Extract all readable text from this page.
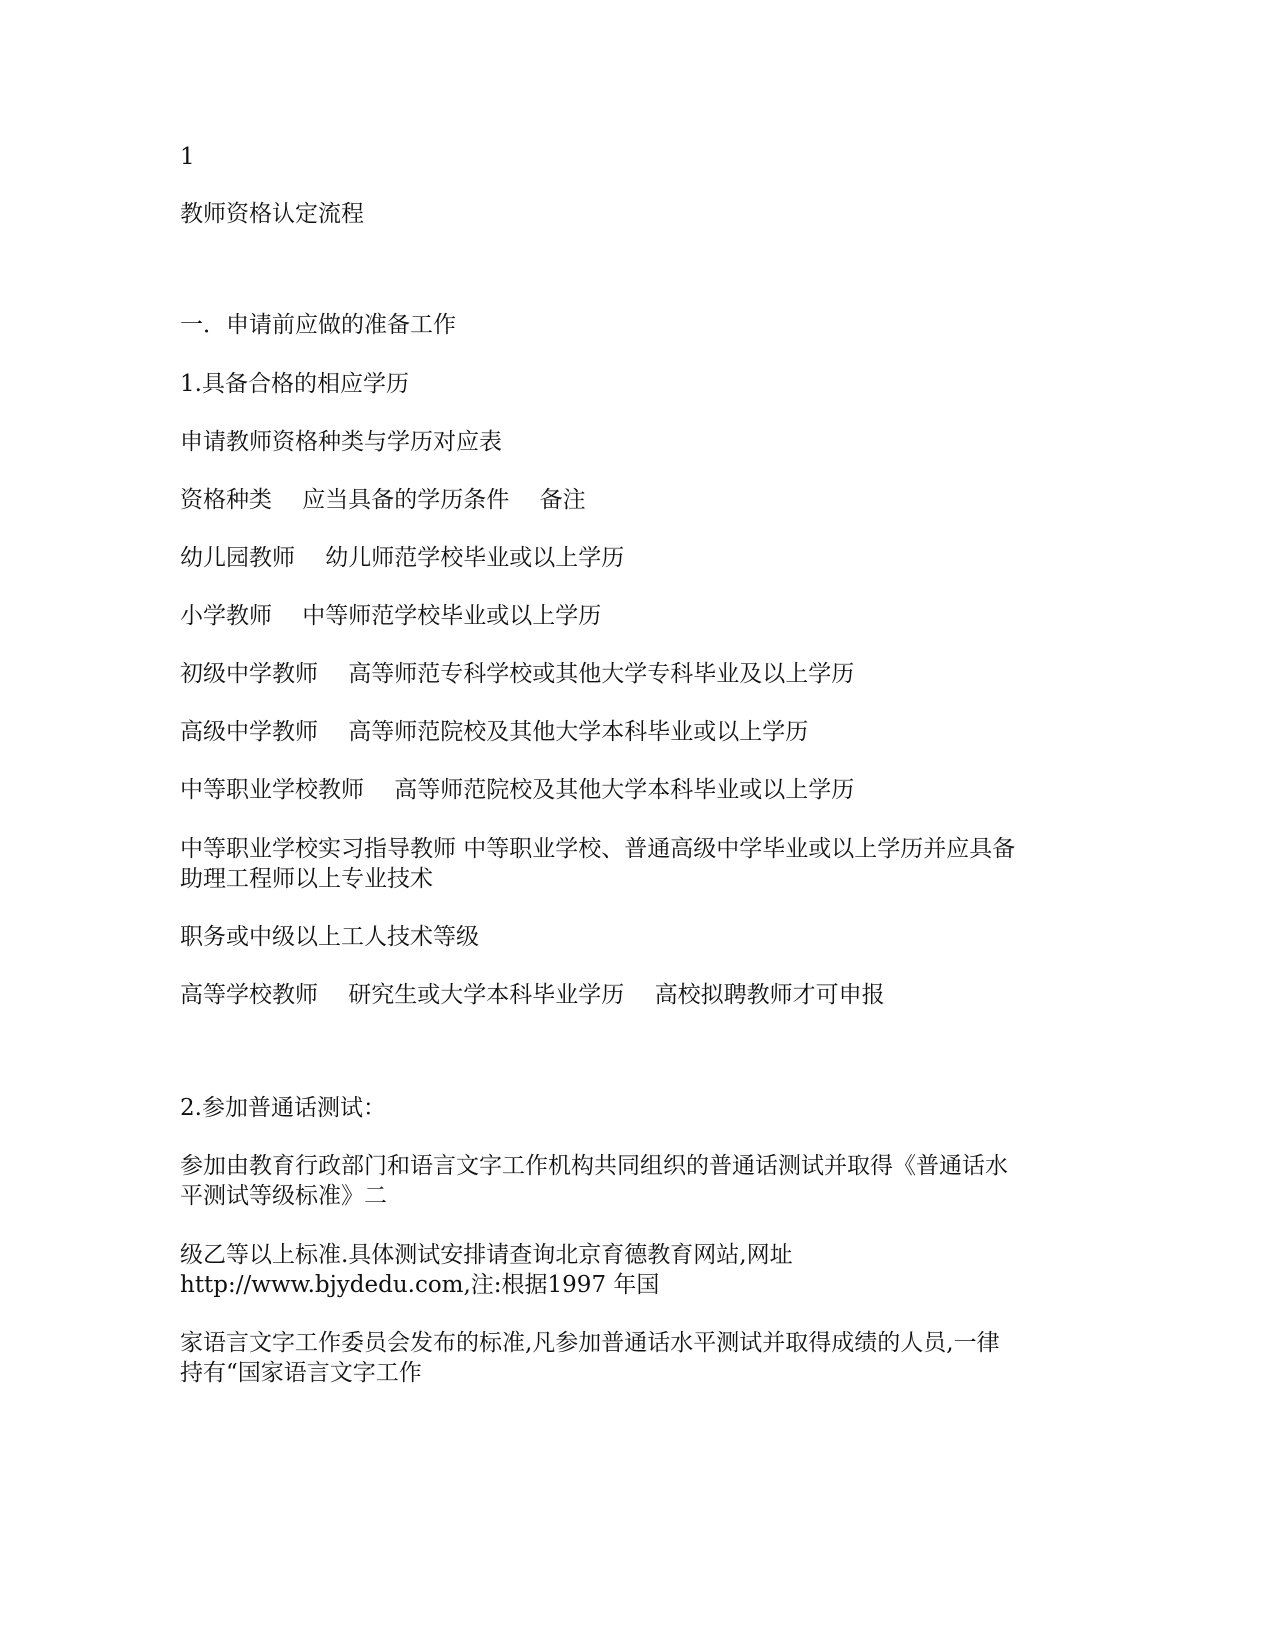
1
教师资格认定流程
一．申请前应做的准备工作
1.具备合格的相应学历
申请教师资格种类与学历对应表
资格种类　 应当具备的学历条件　 备注
幼儿园教师　 幼儿师范学校毕业或以上学历
小学教师　 中等师范学校毕业或以上学历
初级中学教师　 高等师范专科学校或其他大学专科毕业及以上学历
高级中学教师　 高等师范院校及其他大学本科毕业或以上学历
中等职业学校教师　 高等师范院校及其他大学本科毕业或以上学历
中等职业学校实习指导教师 中等职业学校、普通高级中学毕业或以上学历并应具备
助理工程师以上专业技术
职务或中级以上工人技术等级
高等学校教师　 研究生或大学本科毕业学历　 高校拟聘教师才可申报
2.参加普通话测试：
参加由教育行政部门和语言文字工作机构共同组织的普通话测试并取得《普通话水
平测试等级标准》二
级乙等以上标准.具体测试安排请查询北京育德教育网站,网址
http://www.bjydedu.com,注:根据1997 年国
家语言文字工作委员会发布的标准,凡参加普通话水平测试并取得成绩的人员,一律
持有“国家语言文字工作
